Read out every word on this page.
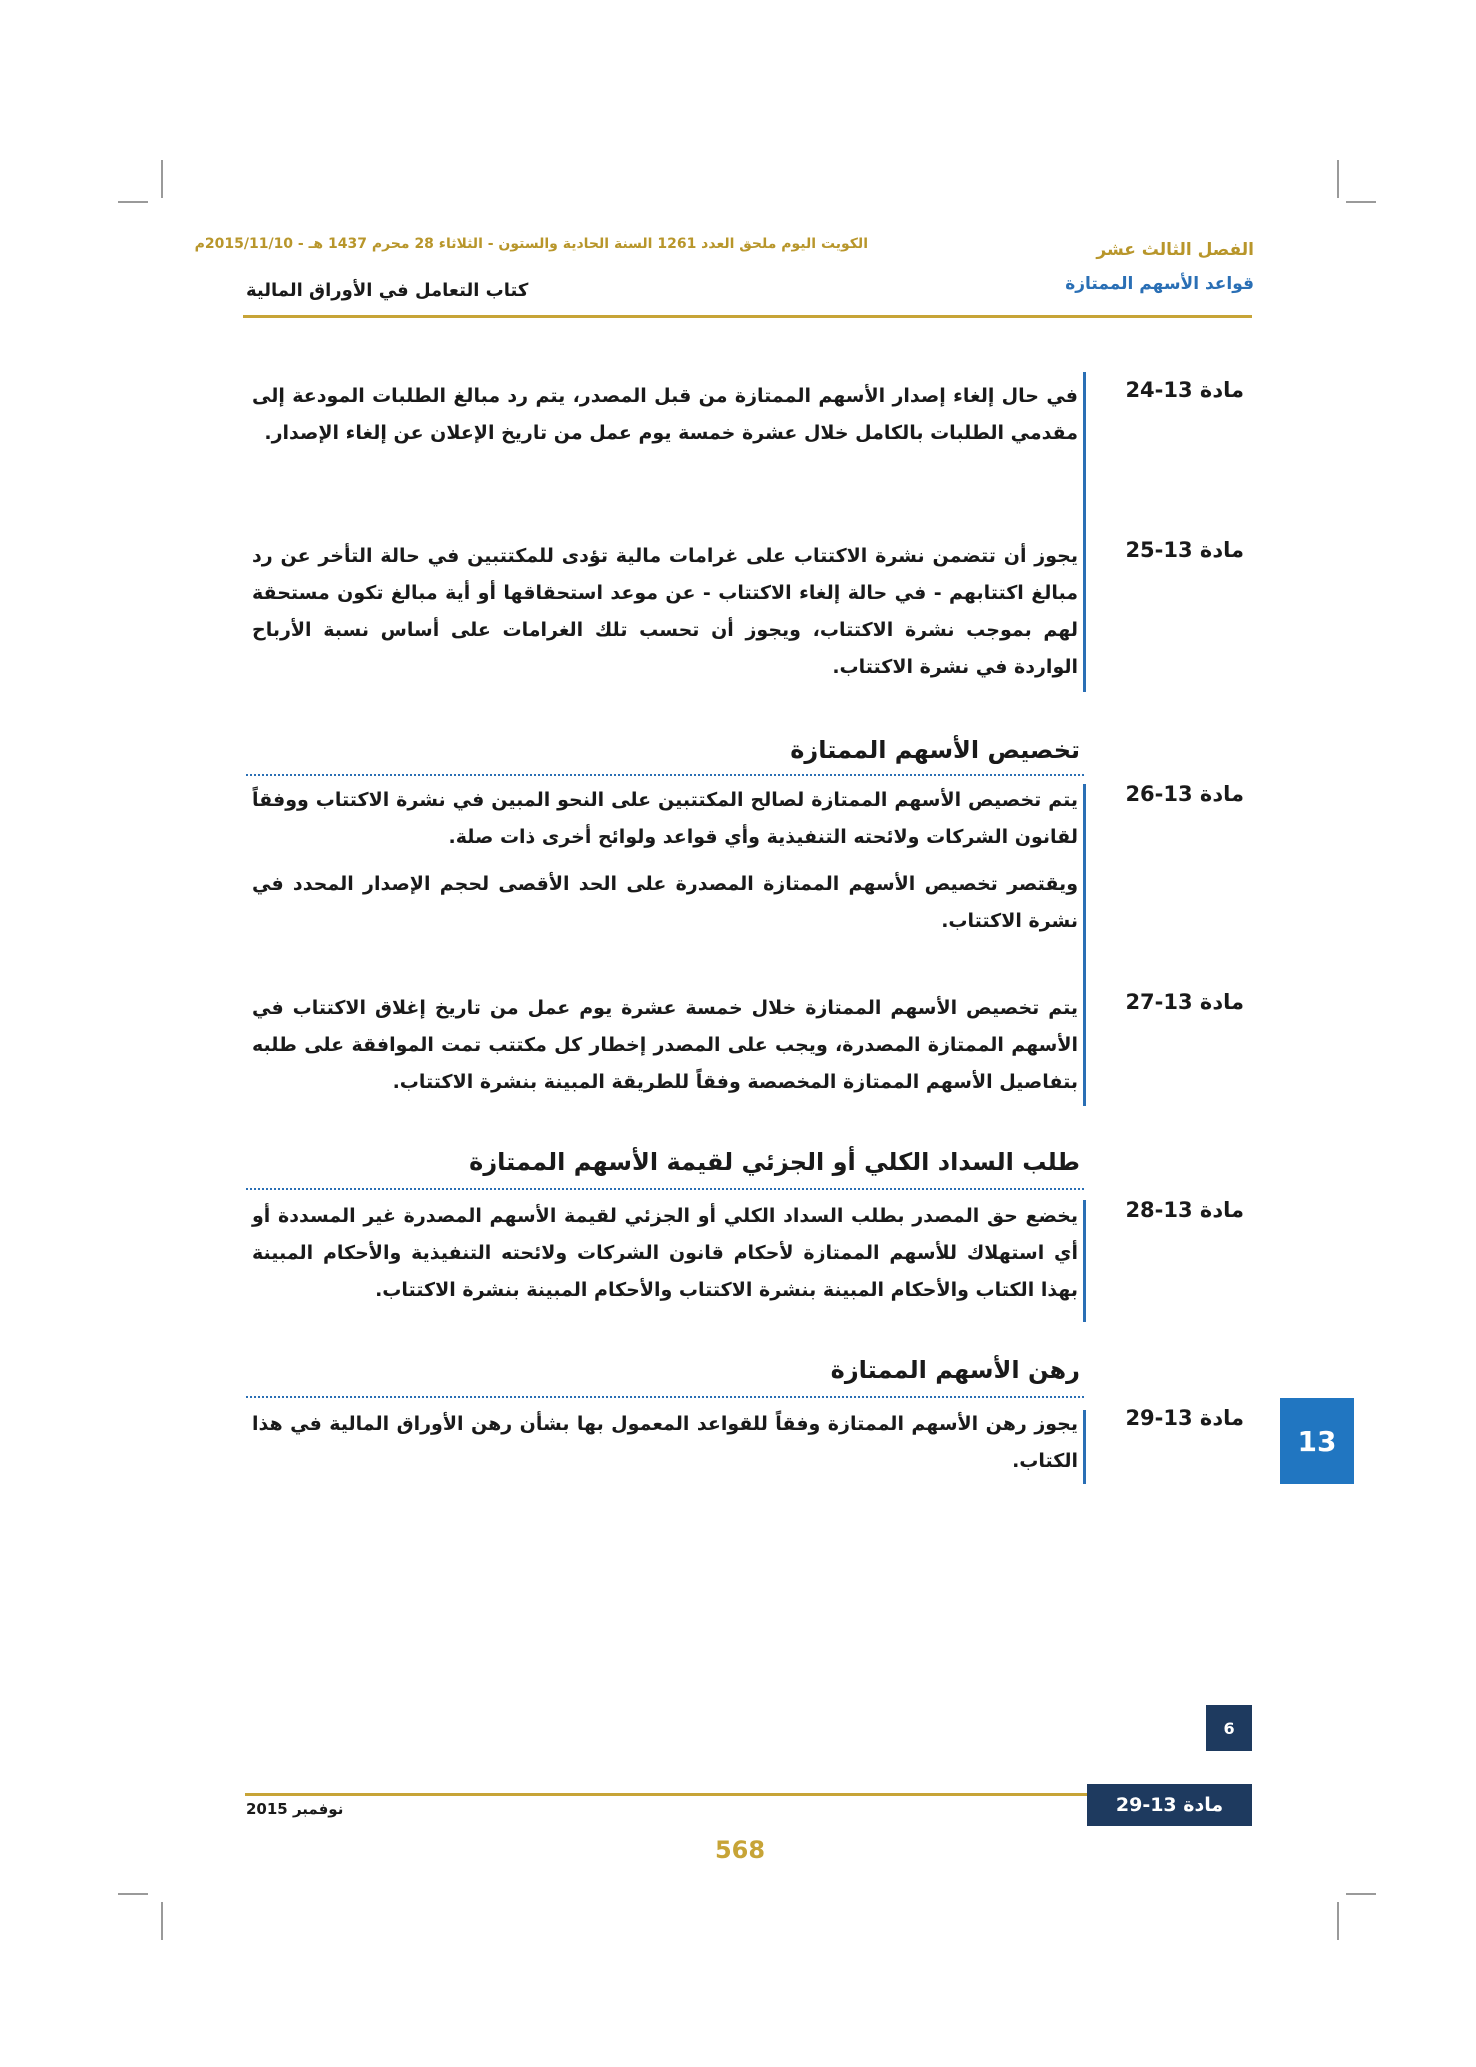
الفصل الثالث عشر
قواعد الأسهم الممتازة
الكويت اليوم ملحق العدد 1261 السنة الحادية والستون - الثلاثاء 28 محرم 1437 هـ - 2015/11/10م
كتاب التعامل في الأوراق المالية
مادة 13-24
في حال إلغاء إصدار الأسهم الممتازة من قبل المصدر، يتم رد مبالغ الطلبات المودعة إلى مقدمي الطلبات بالكامل خلال عشرة خمسة يوم عمل من تاريخ الإعلان عن إلغاء الإصدار.
مادة 13-25
يجوز أن تتضمن نشرة الاكتتاب على غرامات مالية تؤدى للمكتتبين في حالة التأخر عن رد مبالغ اكتتابهم - في حالة إلغاء الاكتتاب - عن موعد استحقاقها أو أية مبالغ تكون مستحقة لهم بموجب نشرة الاكتتاب، ويجوز أن تحسب تلك الغرامات على أساس نسبة الأرباح الواردة في نشرة الاكتتاب.
تخصيص الأسهم الممتازة
مادة 13-26
يتم تخصيص الأسهم الممتازة لصالح المكتتبين على النحو المبين في نشرة الاكتتاب ووفقاً لقانون الشركات ولائحته التنفيذية وأي قواعد ولوائح أخرى ذات صلة.
ويقتصر تخصيص الأسهم الممتازة المصدرة على الحد الأقصى لحجم الإصدار المحدد في نشرة الاكتتاب.
مادة 13-27
يتم تخصيص الأسهم الممتازة خلال خمسة عشرة يوم عمل من تاريخ إغلاق الاكتتاب في الأسهم الممتازة المصدرة، ويجب على المصدر إخطار كل مكتتب تمت الموافقة على طلبه بتفاصيل الأسهم الممتازة المخصصة وفقاً للطريقة المبينة بنشرة الاكتتاب.
طلب السداد الكلي أو الجزئي لقيمة الأسهم الممتازة
مادة 13-28
يخضع حق المصدر بطلب السداد الكلي أو الجزئي لقيمة الأسهم المصدرة غير المسددة أو أي استهلاك للأسهم الممتازة لأحكام قانون الشركات ولائحته التنفيذية والأحكام المبينة بهذا الكتاب والأحكام المبينة بنشرة الاكتتاب والأحكام المبينة بنشرة الاكتتاب.
رهن الأسهم الممتازة
مادة 13-29
يجوز رهن الأسهم الممتازة وفقاً للقواعد المعمول بها بشأن رهن الأوراق المالية في هذا الكتاب.
13
6
نوفمبر 2015	مادة 13-29
568
